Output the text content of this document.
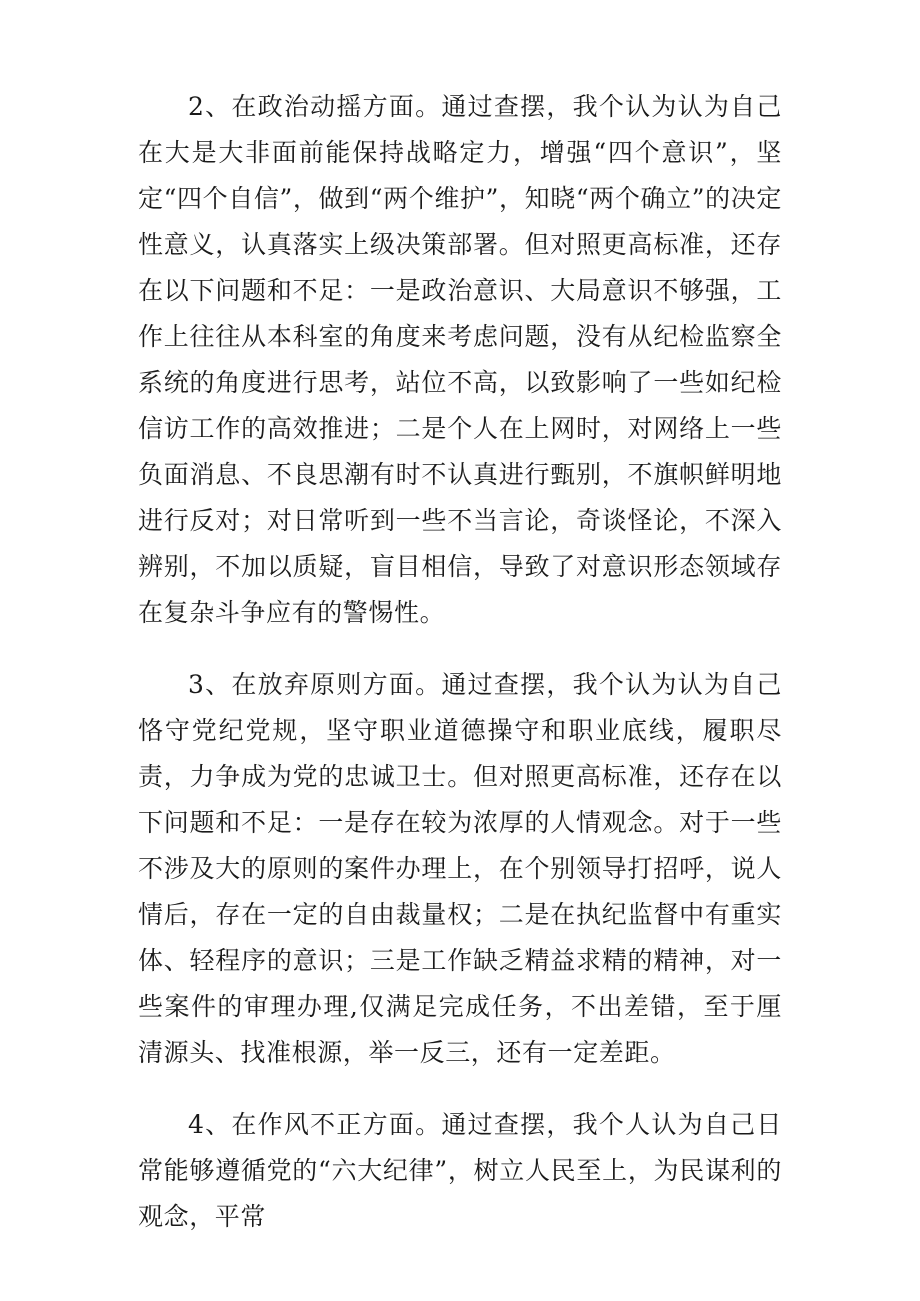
2、在政治动摇方面。通过查摆，我个认为认为自己在大是大非面前能保持战略定力，增强“四个意识”，坚定“四个自信”，做到“两个维护”，知晓“两个确立”的决定性意义，认真落实上级决策部署。但对照更高标准，还存在以下问题和不足：一是政治意识、大局意识不够强，工作上往往从本科室的角度来考虑问题，没有从纪检监察全系统的角度进行思考，站位不高，以致影响了一些如纪检信访工作的高效推进；二是个人在上网时，对网络上一些负面消息、不良思潮有时不认真进行甄别，不旗帜鲜明地进行反对；对日常听到一些不当言论，奇谈怪论，不深入辨别，不加以质疑，盲目相信，导致了对意识形态领域存在复杂斗争应有的警惕性。

3、在放弃原则方面。通过查摆，我个认为认为自己恪守党纪党规，坚守职业道德操守和职业底线，履职尽责，力争成为党的忠诚卫士。但对照更高标准，还存在以下问题和不足：一是存在较为浓厚的人情观念。对于一些不涉及大的原则的案件办理上，在个别领导打招呼，说人情后，存在一定的自由裁量权；二是在执纪监督中有重实体、轻程序的意识；三是工作缺乏精益求精的精神，对一些案件的审理办理,仅满足完成任务，不出差错，至于厘清源头、找准根源，举一反三，还有一定差距。

4、在作风不正方面。通过查摆，我个人认为自己日常能够遵循党的“六大纪律”，树立人民至上，为民谋利的观念，平常
